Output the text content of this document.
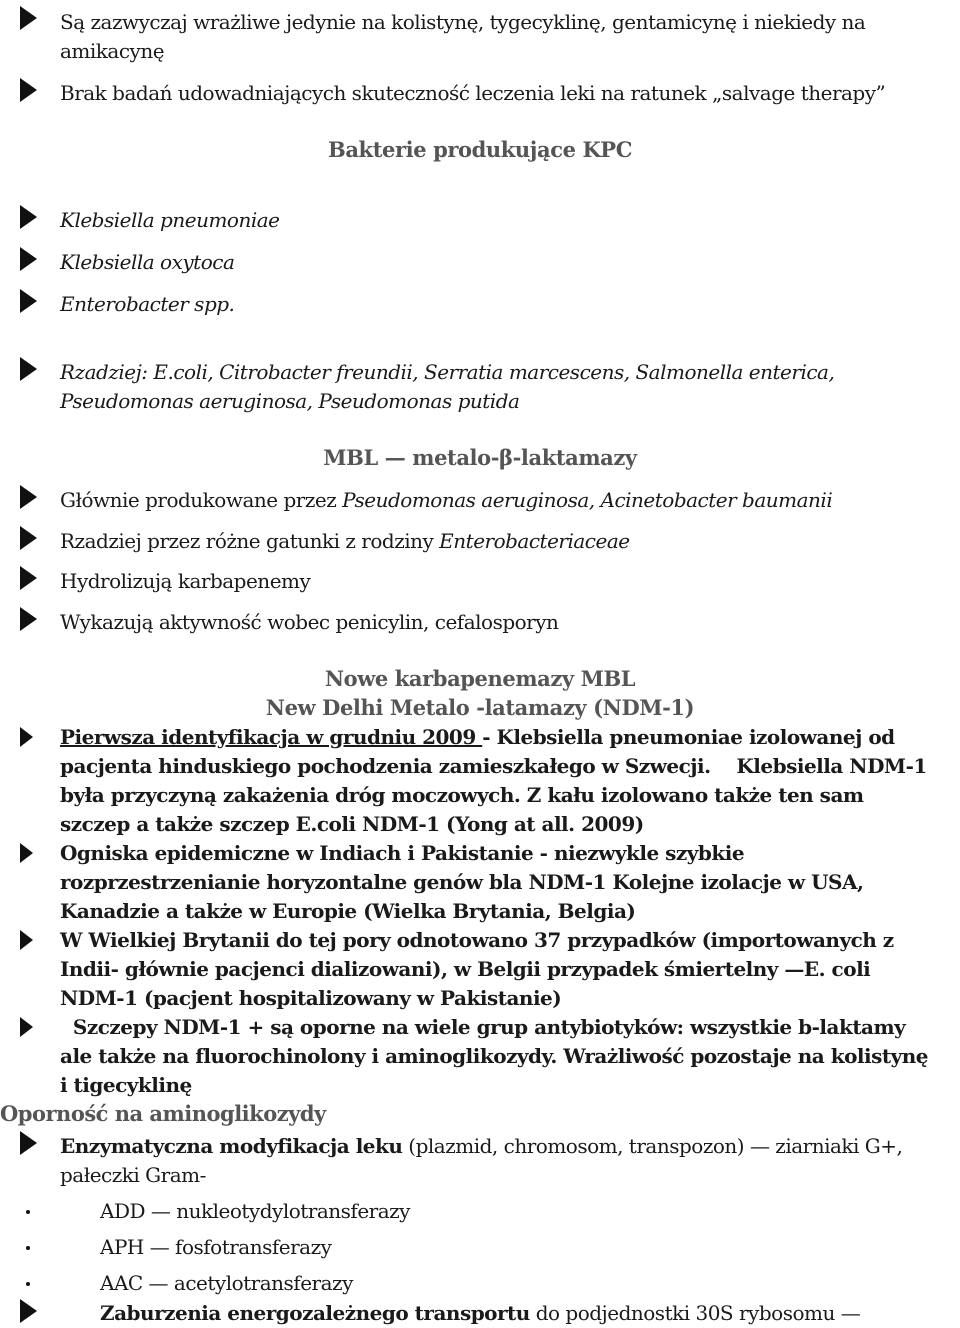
Są zazwyczaj wrażliwe jedynie na kolistynę, tygecyklinę, gentamicynę i niekiedy na
amikacynę
Brak badań udowadniających skuteczność leczenia leki na ratunek „salvage therapy”
Bakterie produkujące KPC
Klebsiella pneumoniae
Klebsiella oxytoca
Enterobacter spp.
Rzadziej: E.coli, Citrobacter freundii, Serratia marcescens, Salmonella enterica,
Pseudomonas aeruginosa, Pseudomonas putida
MBL — metalo-β-laktamazy
Głównie produkowane przez Pseudomonas aeruginosa, Acinetobacter baumanii
Rzadziej przez różne gatunki z rodziny Enterobacteriaceae
Hydrolizują karbapenemy
Wykazują aktywność wobec penicylin, cefalosporyn
Nowe karbapenemazy MBL
New Delhi Metalo -latamazy (NDM-1)
Pierwsza identyfikacja w grudniu 2009 - Klebsiella pneumoniae izolowanej od
pacjenta hinduskiego pochodzenia zamieszkałego w Szwecji.    Klebsiella NDM-1
była przyczyną zakażenia dróg moczowych. Z kału izolowano także ten sam
szczep a także szczep E.coli NDM-1 (Yong at all. 2009)
Ogniska epidemiczne w Indiach i Pakistanie - niezwykle szybkie
rozprzestrzenianie horyzontalne genów bla NDM-1 Kolejne izolacje w USA,
Kanadzie a także w Europie (Wielka Brytania, Belgia)
W Wielkiej Brytanii do tej pory odnotowano 37 przypadków (importowanych z
Indii- głównie pacjenci dializowani), w Belgii przypadek śmiertelny —E. coli
NDM-1 (pacjent hospitalizowany w Pakistanie)
Szczepy NDM-1 + są oporne na wiele grup antybiotyków: wszystkie b-laktamy
ale także na fluorochinolony i aminoglikozydy. Wrażliwość pozostaje na kolistynę
i tigecyklinę
Oporność na aminoglikozydy
Enzymatyczna modyfikacja leku (plazmid, chromosom, transpozon) — ziarniaki G+,
pałeczki Gram-
ADD — nukleotydylotransferazy
APH — fosfotransferazy
AAC — acetylotransferazy
Zaburzenia energozależnego transportu do podjednostki 30S rybosomu —
